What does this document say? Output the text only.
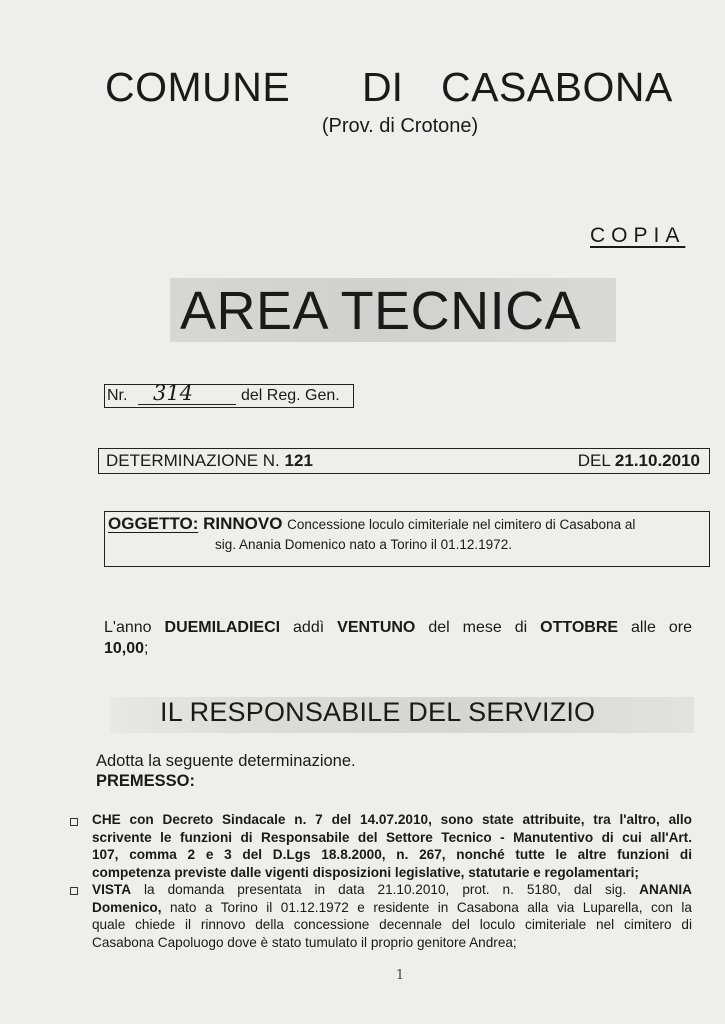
COMUNE DI CASABONA
(Prov. di Crotone)
COPIA
AREA TECNICA
Nr.	314	del Reg. Gen.
DETERMINAZIONE N. 121	DEL 21.10.2010
OGGETTO: RINNOVO Concessione loculo cimiteriale nel cimitero di Casabona al
sig. Anania Domenico nato a Torino il 01.12.1972.
L'anno DUEMILADIECI addì VENTUNO del mese di OTTOBRE alle ore
10,00;
IL RESPONSABILE DEL SERVIZIO
Adotta la seguente determinazione.
PREMESSO:
CHE con Decreto Sindacale n. 7 del 14.07.2010, sono state attribuite, tra l'altro, allo
scrivente le funzioni di Responsabile del Settore Tecnico - Manutentivo di cui all'Art.
107, comma 2 e 3 del D.Lgs 18.8.2000, n. 267, nonché tutte le altre funzioni di
competenza previste dalle vigenti disposizioni legislative, statutarie e regolamentari;
VISTA la domanda presentata in data 21.10.2010, prot. n. 5180, dal sig. ANANIA
Domenico, nato a Torino il 01.12.1972 e residente in Casabona alla via Luparella, con la
quale chiede il rinnovo della concessione decennale del loculo cimiteriale nel cimitero di
Casabona Capoluogo dove è stato tumulato il proprio genitore Andrea;
1
